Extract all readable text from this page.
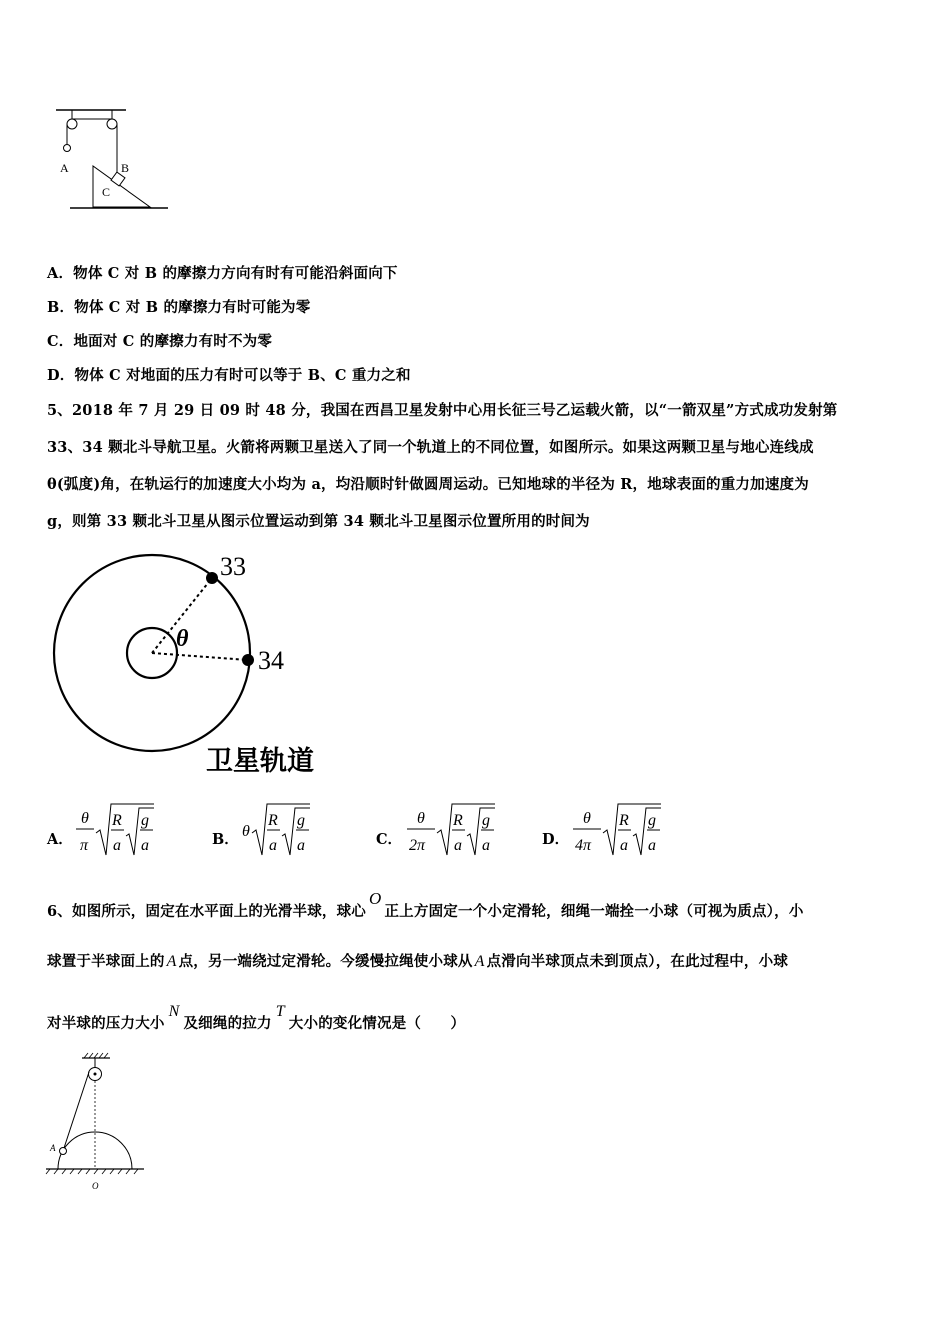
A	B
C
A．物体 C 对 B 的摩擦力方向有时有可能沿斜面向下
B．物体 C 对 B 的摩擦力有时可能为零
C．地面对 C 的摩擦力有时不为零
D．物体 C 对地面的压力有时可以等于 B、C 重力之和
5、2018 年 7 月 29 日 09 时 48 分，我国在西昌卫星发射中心用长征三号乙运载火箭，以“一箭双星”方式成功发射第
33、34 颗北斗导航卫星。火箭将两颗卫星送入了同一个轨道上的不同位置，如图所示。如果这两颗卫星与地心连线成
θ(弧度)角，在轨运行的加速度大小均为 a，均沿顺时针做圆周运动。已知地球的半径为 R，地球表面的重力加速度为
g，则第 33 颗北斗卫星从图示位置运动到第 34 颗北斗卫星图示位置所用的时间为
33
34
θ
卫星轨道
A．
θ
π
R
a
g
a	B． θ
R
a
g
a	C．
θ
2π
R
a
g
a	D．
θ
4π
R
a
g
a
6、如图所示，固定在水平面上的光滑半球，球心O正上方固定一个小定滑轮，细绳一端拴一小球（可视为质点），小
球置于半球面上的 A 点，另一端绕过定滑轮。今缓慢拉绳使小球从 A 点滑向半球顶点未到顶点），在此过程中，小球
对半球的压力大小N及细绳的拉力T大小的变化情况是（　　）
A
O
